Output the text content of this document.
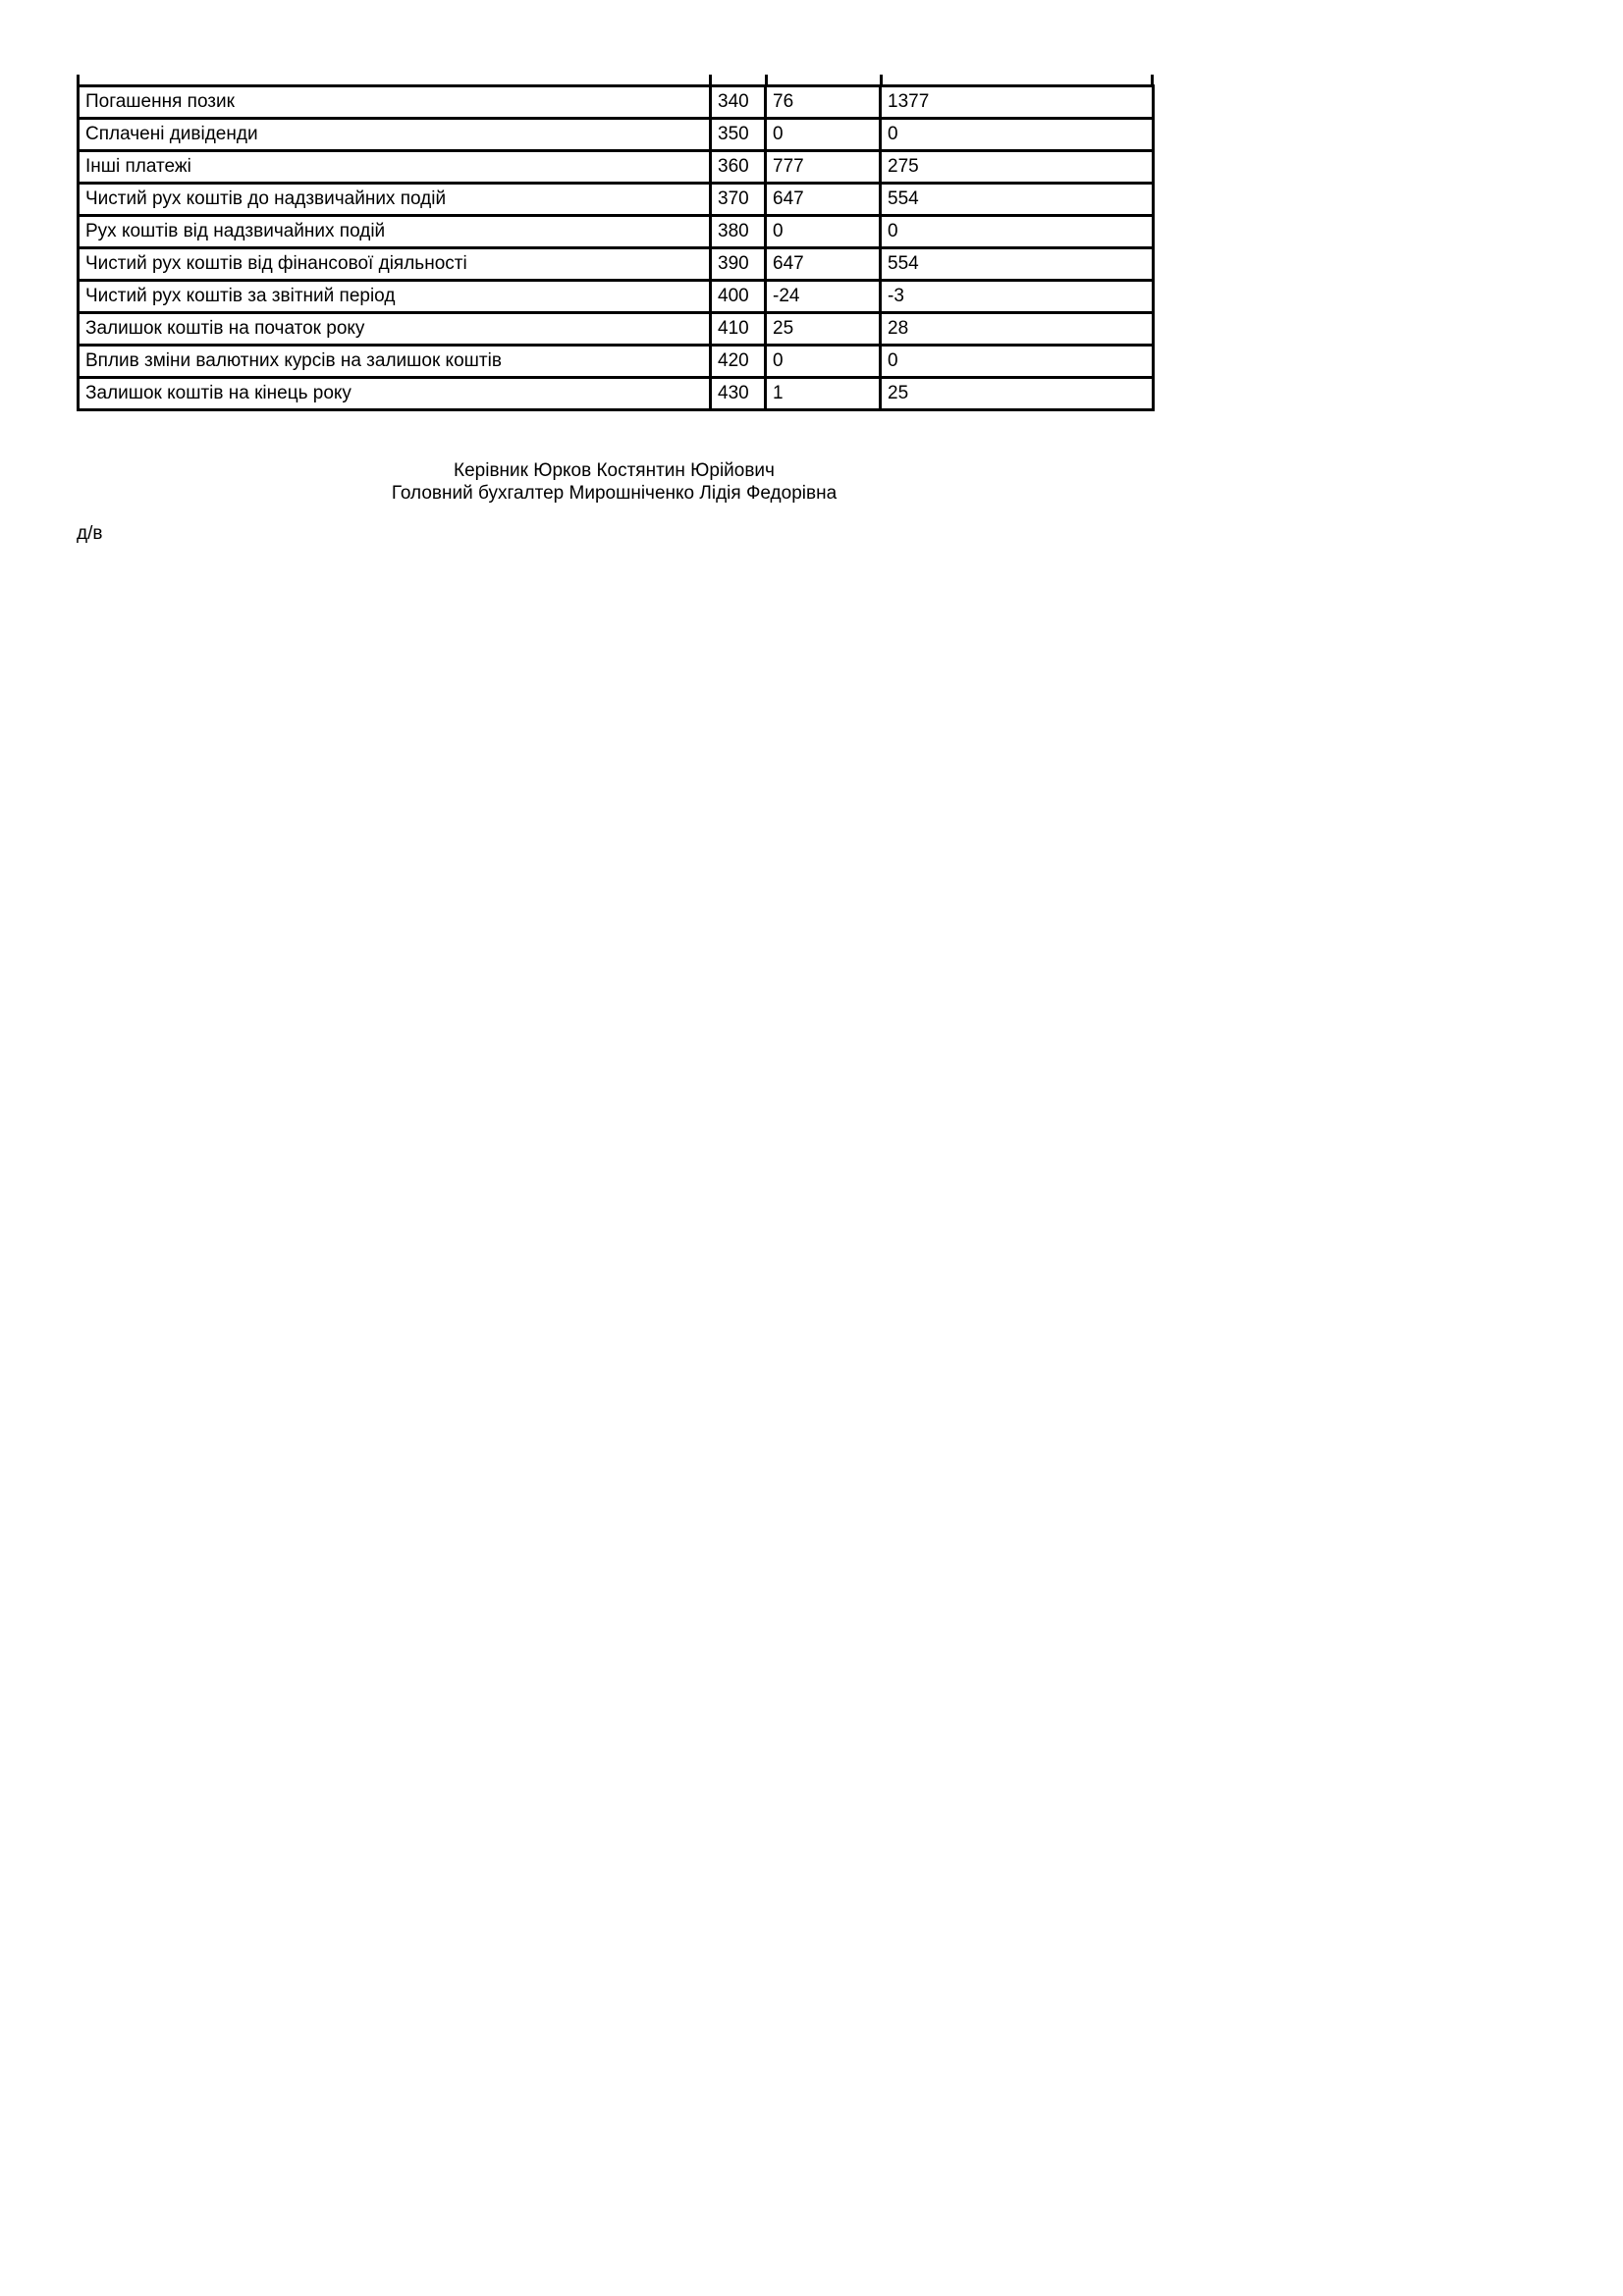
Погашення позик	340	76	1377
Сплачені дивіденди	350	0	0
Інші платежі	360	777	275
Чистий рух коштів до надзвичайних подій	370	647	554
Рух коштів від надзвичайних подій	380	0	0
Чистий рух коштів від фінансової діяльності	390	647	554
Чистий рух коштів за звітний період	400	-24	-3
Залишок коштів на початок року	410	25	28
Вплив зміни валютних курсів на залишок коштів	420	0	0
Залишок коштів на кінець року	430	1	25
Керівник Юрков Костянтин Юрійович
Головний бухгалтер Мирошніченко Лідія Федорівна
д/в
